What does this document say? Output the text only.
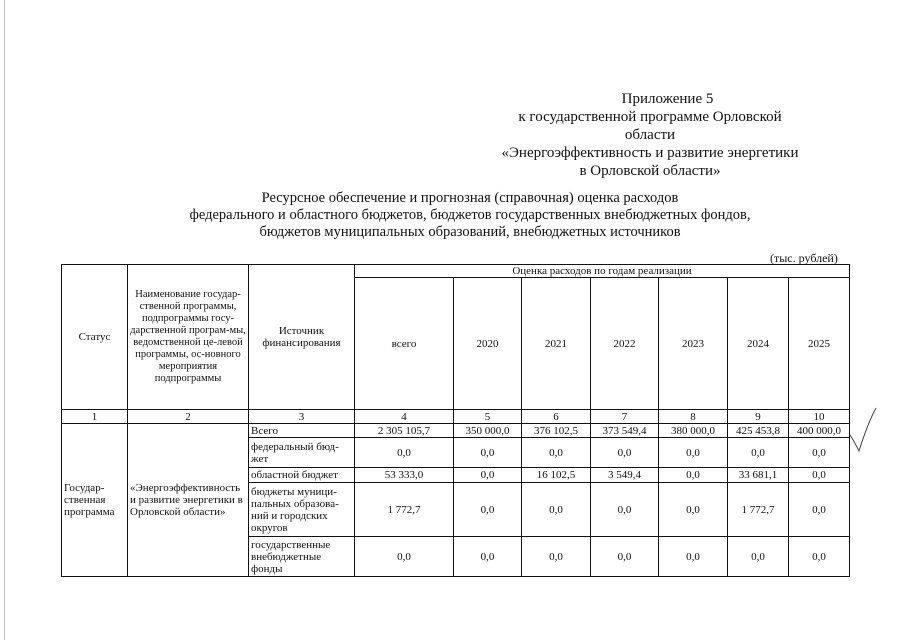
Приложение 5
к государственной программе Орловской области
«Энергоэффективность и развитие энергетики
в Орловской области»
Ресурсное обеспечение и прогнозная (справочная) оценка расходов
федерального и областного бюджетов, бюджетов государственных внебюджетных фондов,
бюджетов муниципальных образований, внебюджетных источников
(тыс. рублей)
Статус	Наименование государ-ственной программы, подпрограммы госу-дарственной програм-мы, ведомственной це-левой программы, ос-новного мероприятия подпрограммы	Источник финансирования	Оценка расходов по годам реализации						
			всего	2020	2021	2022	2023	2024	2025
1	2	3	4	5	6	7	8	9	10
Государ-ственная программа	«Энергоэффективность и развитие энергетики в Орловской области»	Всего	2 305 105,7	350 000,0	376 102,5	373 549,4	380 000,0	425 453,8	400 000,0
		федеральный бюд-жет	0,0	0,0	0,0	0,0	0,0	0,0	0,0
		областной бюджет	53 333,0	0,0	16 102,5	3 549,4	0,0	33 681,1	0,0
		бюджеты муници-пальных образова-ний и городских округов	1 772,7	0,0	0,0	0,0	0,0	1 772,7	0,0
		государственные внебюджетные фонды	0,0	0,0	0,0	0,0	0,0	0,0	0,0
